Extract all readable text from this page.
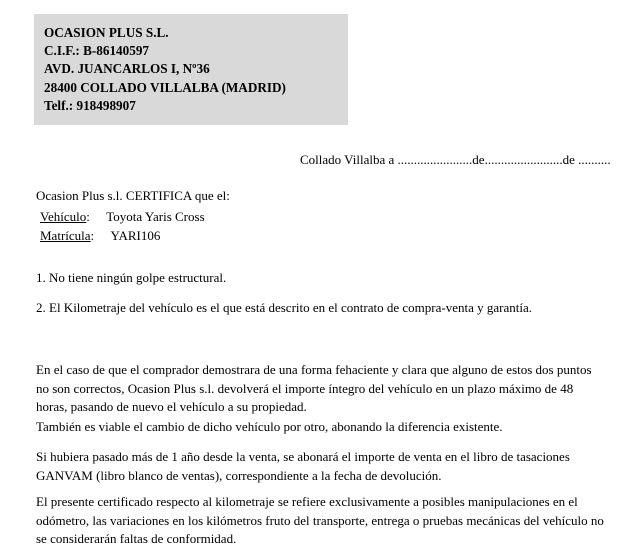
OCASION PLUS S.L.
C.I.F.: B-86140597
AVD. JUANCARLOS I, Nº36
28400 COLLADO VILLALBA (MADRID)
Telf.: 918498907
Collado Villalba a .......................de........................de ..........
Ocasion Plus s.l. CERTIFICA que el:
Vehículo: Toyota Yaris Cross
Matrícula: YARI106
1. No tiene ningún golpe estructural.
2. El Kilometraje del vehículo es el que está descrito en el contrato de compra-venta y garantía.
En el caso de que el comprador demostrara de una forma fehaciente y clara que alguno de estos dos puntos no son correctos, Ocasion Plus s.l. devolverá el importe íntegro del vehículo en un plazo máximo de 48 horas, pasando de nuevo el vehículo a su propiedad.
También es viable el cambio de dicho vehículo por otro, abonando la diferencia existente.
Si hubiera pasado más de 1 año desde la venta, se abonará el importe de venta en el libro de tasaciones GANVAM (libro blanco de ventas), correspondiente a la fecha de devolución.
El presente certificado respecto al kilometraje se refiere exclusivamente a posibles manipulaciones en el odómetro, las variaciones en los kilómetros fruto del transporte, entrega o pruebas mecánicas del vehículo no se considerarán faltas de conformidad.
